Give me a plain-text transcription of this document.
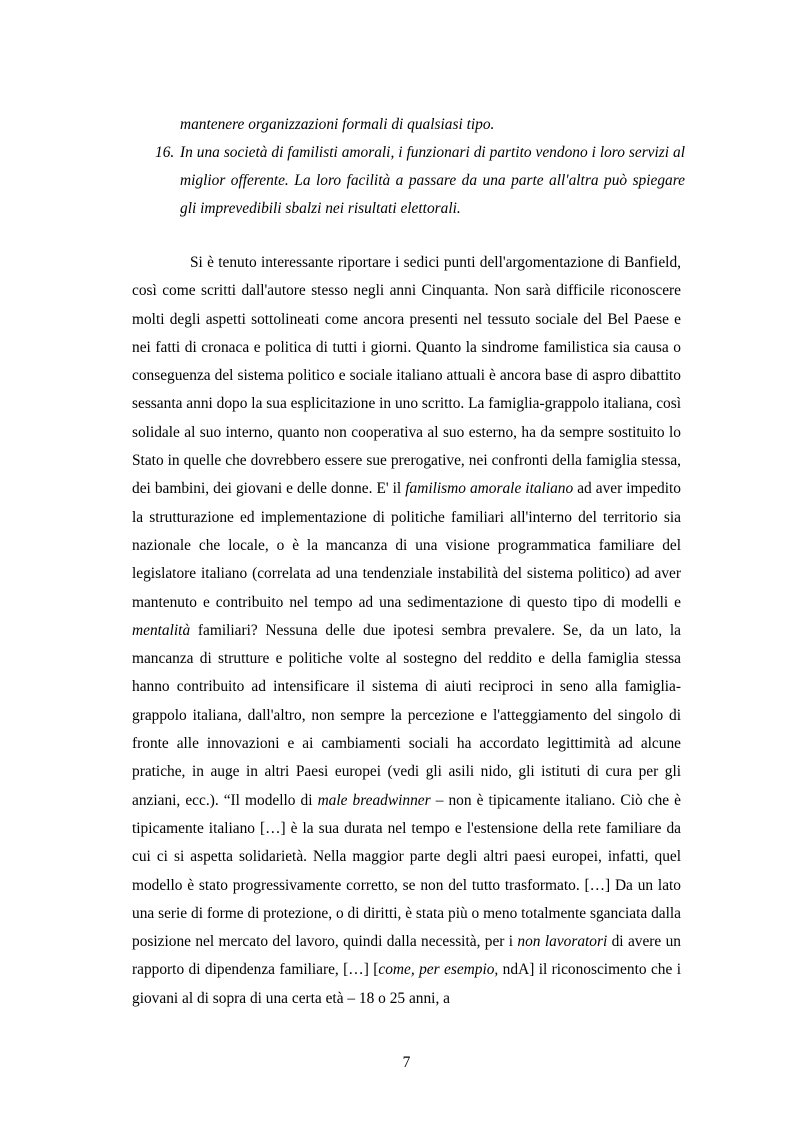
mantenere organizzazioni formali di qualsiasi tipo.
16. In una società di familisti amorali, i funzionari di partito vendono i loro servizi al miglior offerente. La loro facilità a passare da una parte all'altra può spiegare gli imprevedibili sbalzi nei risultati elettorali.

Si è tenuto interessante riportare i sedici punti dell'argomentazione di Banfield, così come scritti dall'autore stesso negli anni Cinquanta. Non sarà difficile riconoscere molti degli aspetti sottolineati come ancora presenti nel tessuto sociale del Bel Paese e nei fatti di cronaca e politica di tutti i giorni. Quanto la sindrome familistica sia causa o conseguenza del sistema politico e sociale italiano attuali è ancora base di aspro dibattito sessanta anni dopo la sua esplicitazione in uno scritto. La famiglia-grappolo italiana, così solidale al suo interno, quanto non cooperativa al suo esterno, ha da sempre sostituito lo Stato in quelle che dovrebbero essere sue prerogative, nei confronti della famiglia stessa, dei bambini, dei giovani e delle donne. E' il familismo amorale italiano ad aver impedito la strutturazione ed implementazione di politiche familiari all'interno del territorio sia nazionale che locale, o è la mancanza di una visione programmatica familiare del legislatore italiano (correlata ad una tendenziale instabilità del sistema politico) ad aver mantenuto e contribuito nel tempo ad una sedimentazione di questo tipo di modelli e mentalità familiari? Nessuna delle due ipotesi sembra prevalere. Se, da un lato, la mancanza di strutture e politiche volte al sostegno del reddito e della famiglia stessa hanno contribuito ad intensificare il sistema di aiuti reciproci in seno alla famiglia-grappolo italiana, dall'altro, non sempre la percezione e l'atteggiamento del singolo di fronte alle innovazioni e ai cambiamenti sociali ha accordato legittimità ad alcune pratiche, in auge in altri Paesi europei (vedi gli asili nido, gli istituti di cura per gli anziani, ecc.). “Il modello di male breadwinner – non è tipicamente italiano. Ciò che è tipicamente italiano […] è la sua durata nel tempo e l'estensione della rete familiare da cui ci si aspetta solidarietà. Nella maggior parte degli altri paesi europei, infatti, quel modello è stato progressivamente corretto, se non del tutto trasformato. […] Da un lato una serie di forme di protezione, o di diritti, è stata più o meno totalmente sganciata dalla posizione nel mercato del lavoro, quindi dalla necessità, per i non lavoratori di avere un rapporto di dipendenza familiare, […] [come, per esempio, ndA] il riconoscimento che i giovani al di sopra di una certa età – 18 o 25 anni, a

7
